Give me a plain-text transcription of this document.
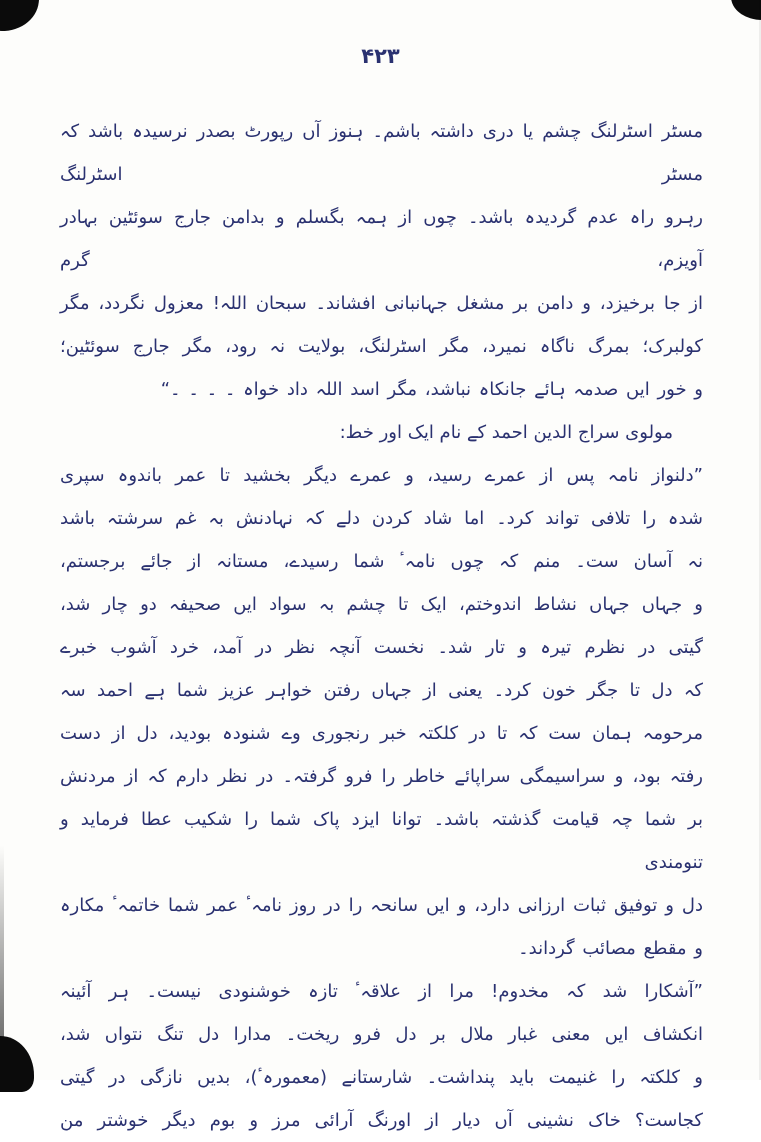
۴۲۳

مسٹر اسٹرلنگ چشم یا دری داشتہ باشم۔ ہنوز آں رپورٹ بصدر نرسیدہ باشد کہ مسٹر اسٹرلنگ

رہرو راہ عدم گردیدہ باشد۔ چوں از ہمہ بگسلم و بدامن جارج سوئٹین بہادر آویزم، گرم

از جا برخیزد، و دامن بر مشغل جہانبانی افشاند۔ سبحان اللہ! معزول نگردد، مگر

کولبرک؛ بمرگ ناگاہ نمیرد، مگر اسٹرلنگ، بولایت نہ رود، مگر جارج سوئٹین؛

و خور ایں صدمہ ہائے جانکاہ نباشد، مگر اسد اللہ داد خواہ ۔ ۔ ۔ ۔“

مولوی سراج الدین احمد کے نام ایک اور خط:

”دلنواز نامہ پس از عمرے رسید، و عمرے دیگر بخشید تا عمر باندوہ سپری

شدہ را تلافی تواند کرد۔ اما شاد کردن دلے کہ نہادنش بہ غم سرشتہ باشد

نہ آسان ست۔ منم کہ چوں نامہٴ شما رسیدے، مستانہ از جائے برجستم،

و جہاں جہاں نشاط اندوختم، ایک تا چشم بہ سواد ایں صحیفہ دو چار شد،

گیتی در نظرم تیرہ و تار شد۔ نخست آنچہ نظر در آمد، خرد آشوب خبرے

کہ دل تا جگر خون کرد۔ یعنی از جہاں رفتن خواہر عزیز شما ہے احمد سہ

مرحومہ ہمان ست کہ تا در کلکتہ خبر رنجوری وے شنودہ بودید، دل از دست

رفتہ بود، و سراسیمگی سراپائے خاطر را فرو گرفتہ۔ در نظر دارم کہ از مردنش

بر شما چہ قیامت گذشتہ باشد۔ توانا ایزد پاک شما را شکیب عطا فرماید و تنومندی

دل و توفیق ثبات ارزانی دارد، و ایں سانحہ را در روز نامہٴ عمر شما خاتمہٴ مکارہ

و مقطع مصائب گرداند۔

”آشکارا شد کہ مخدوم! مرا از علاقہٴ تازہ خوشنودی نیست۔ ہر آئینہ

انکشاف ایں معنی غبار ملال بر دل فرو ریخت۔ مدارا دل تنگ نتواں شد،

و کلکتہ را غنیمت باید پنداشت۔ شارستانے (معمورہٴ)، بدیں نازگی در گیتی

کجاست؟ خاک نشینی آں دیار از اورنگ آرائی مرز و بوم دیگر خوشتر من
